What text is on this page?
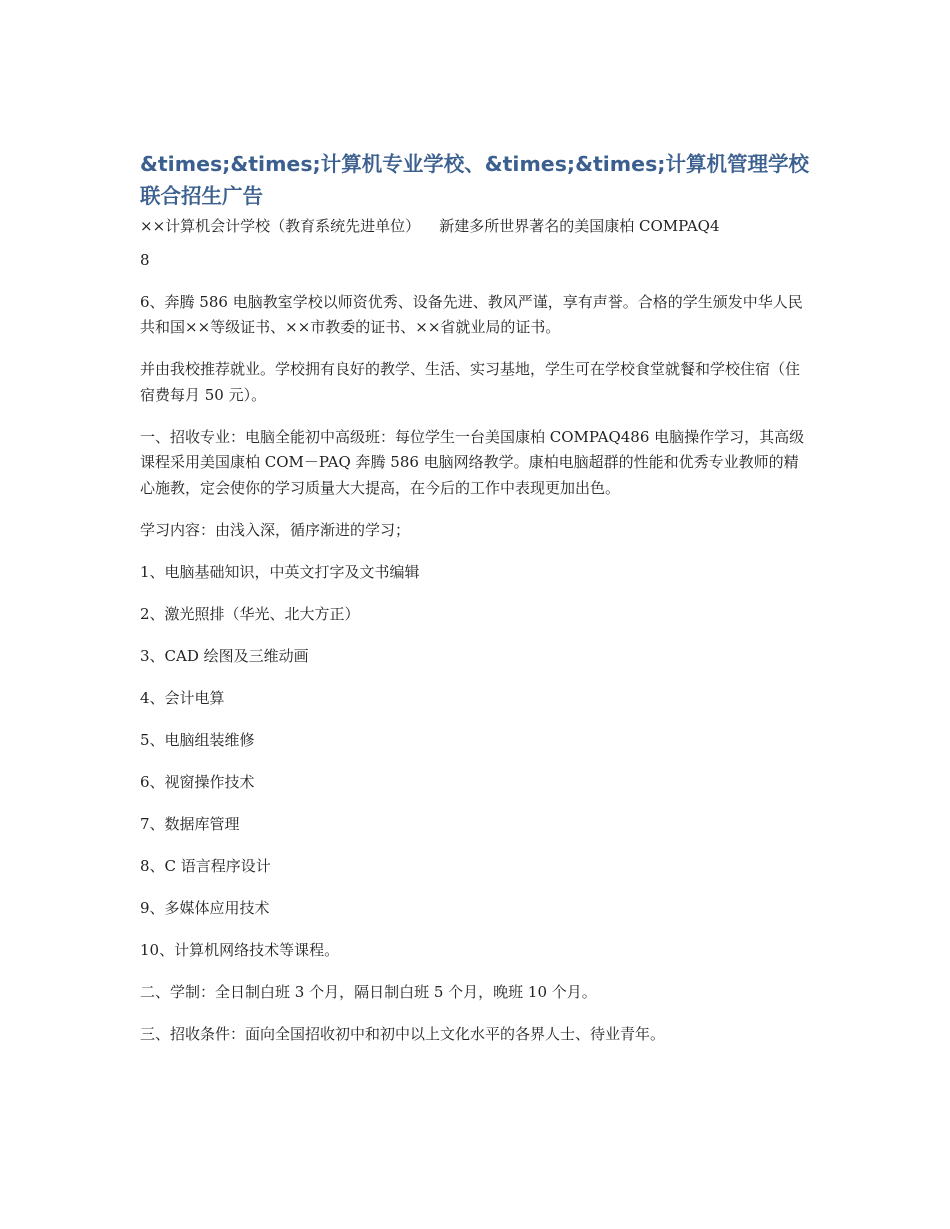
&times;&times;计算机专业学校、&times;&times;计算机管理学校 联合招生广告
××计算机会计学校（教育系统先进单位）    新建多所世界著名的美国康柏 COMPAQ4
8
6、奔腾 586 电脑教室学校以师资优秀、设备先进、教风严谨，享有声誉。合格的学生颁发中华人民共和国××等级证书、××市教委的证书、××省就业局的证书。
并由我校推荐就业。学校拥有良好的教学、生活、实习基地，学生可在学校食堂就餐和学校住宿（住宿费每月 50 元）。
一、招收专业：电脑全能初中高级班：每位学生一台美国康柏 COMPAQ486 电脑操作学习，其高级课程采用美国康柏 COM－PAQ 奔腾 586 电脑网络教学。康柏电脑超群的性能和优秀专业教师的精心施教，定会使你的学习质量大大提高，在今后的工作中表现更加出色。
学习内容：由浅入深，循序渐进的学习；
1、电脑基础知识，中英文打字及文书编辑
2、激光照排（华光、北大方正）
3、CAD 绘图及三维动画
4、会计电算
5、电脑组装维修
6、视窗操作技术
7、数据库管理
8、C 语言程序设计
9、多媒体应用技术
10、计算机网络技术等课程。
二、学制：全日制白班 3 个月，隔日制白班 5 个月，晚班 10 个月。
三、招收条件：面向全国招收初中和初中以上文化水平的各界人士、待业青年。
